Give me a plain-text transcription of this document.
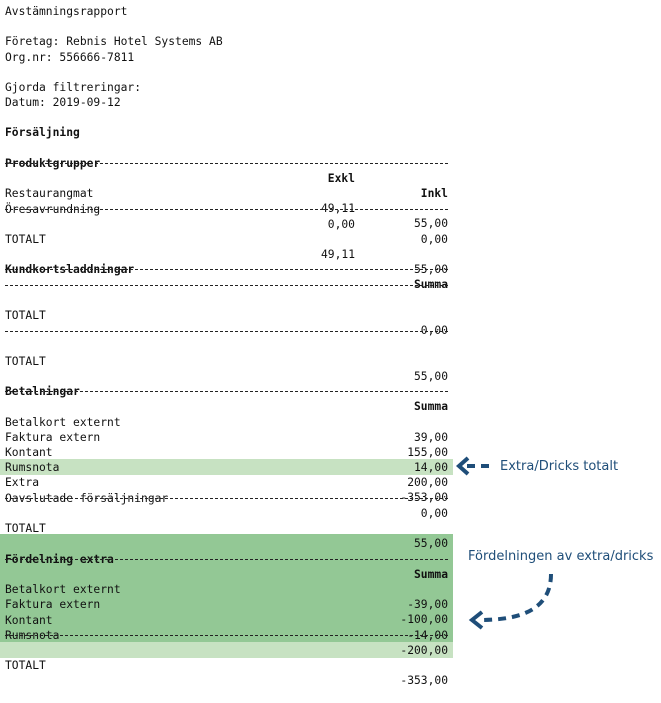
Avstämningsrapport
Företag: Rebnis Hotel Systems AB
Org.nr: 556666-7811
Gjorda filtreringar:
Datum: 2019-09-12
Försäljning

Produktgrupper

Exkl

Inkl

Restaurangmat

49,11

55,00

Öresavrundning

0,00

0,00

TOTALT

49,11

55,00

Kundkortsladdningar

Summa

TOTALT

0,00

TOTALT

55,00

Betalningar

Summa

Betalkort externt

39,00

Faktura extern

155,00

Kontant

14,00

Rumsnota

200,00

Extra

-353,00

Oavslutade försäljningar

0,00

TOTALT

55,00

Fördelning extra

Summa

Betalkort externt

-39,00

Faktura extern

-100,00

Kontant

-14,00

Rumsnota

-200,00

TOTALT

-353,00

Extra/Dricks totalt
Fördelningen av extra/dricks
